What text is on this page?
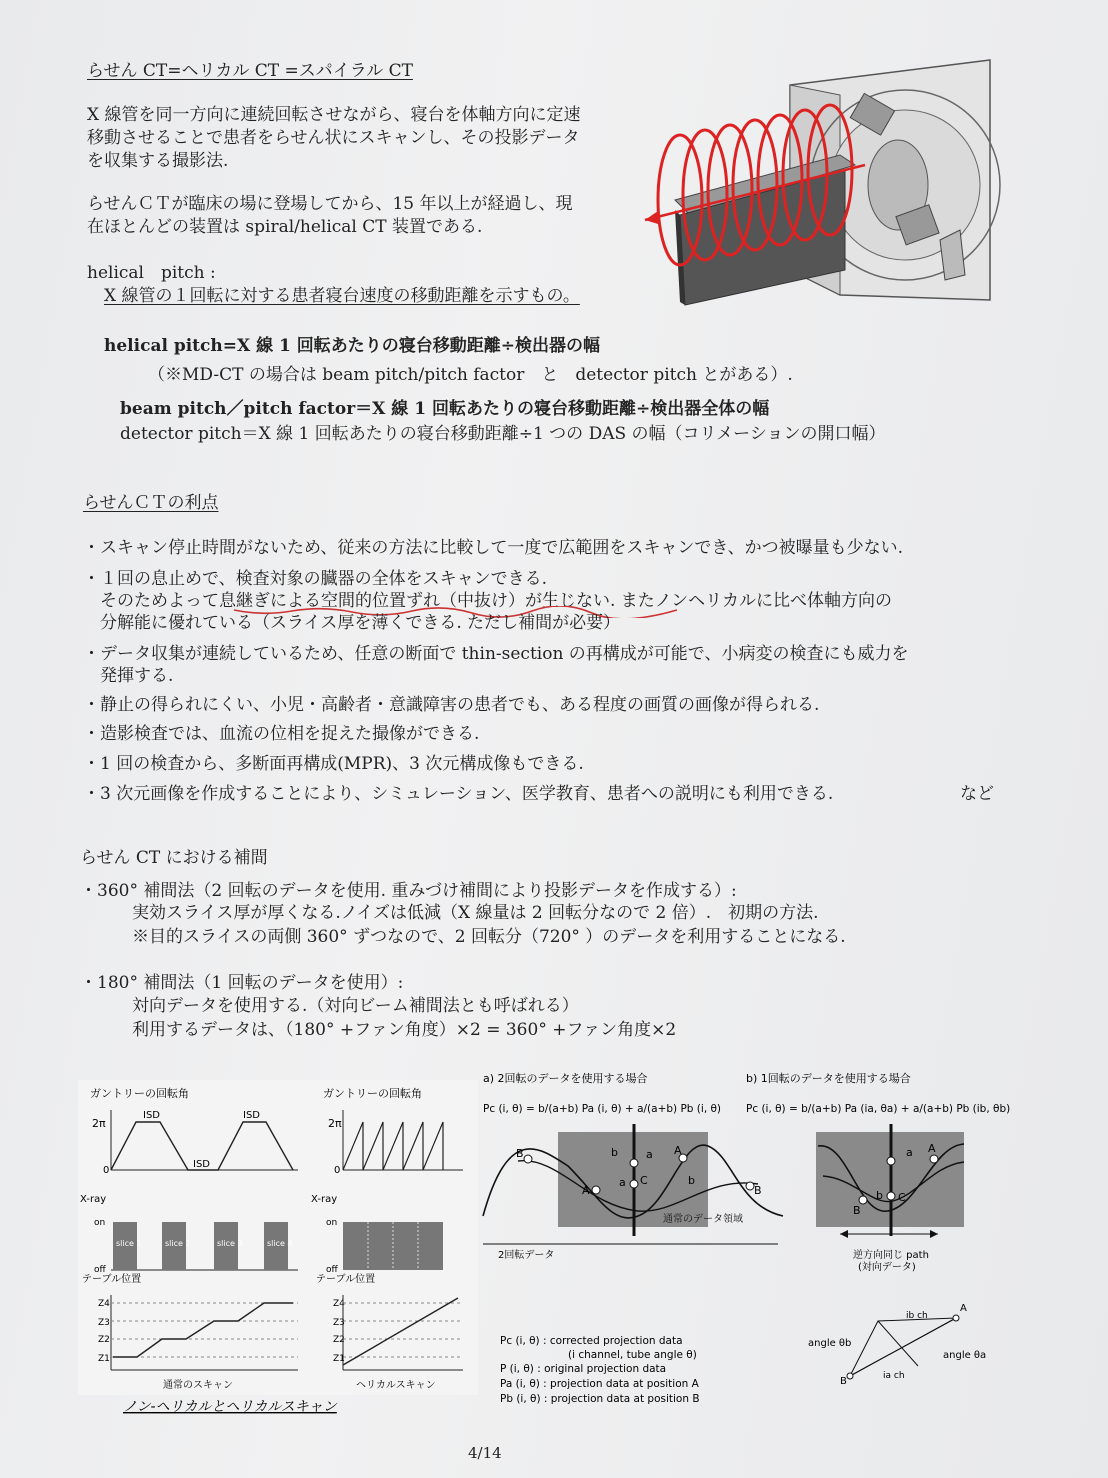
らせん CT=ヘリカル CT =スパイラル CT
X 線管を同一方向に連続回転させながら、寝台を体軸方向に定速
移動させることで患者をらせん状にスキャンし、その投影データ
を収集する撮影法.
らせんＣＴが臨床の場に登場してから、15 年以上が経過し、現
在ほとんどの装置は spiral/helical CT 装置である.
helical　pitch :
X 線管の１回転に対する患者寝台速度の移動距離を示すもの。
helical pitch=X 線 1 回転あたりの寝台移動距離÷検出器の幅
（※MD-CT の場合は beam pitch/pitch factor　と　detector pitch とがある）.
beam pitch／pitch factor＝X 線 1 回転あたりの寝台移動距離÷検出器全体の幅
detector pitch＝X 線 1 回転あたりの寝台移動距離÷1 つの DAS の幅（コリメーションの開口幅）
らせんＣＴの利点
・スキャン停止時間がないため、従来の方法に比較して一度で広範囲をスキャンでき、かつ被曝量も少ない.
・１回の息止めで、検査対象の臓器の全体をスキャンできる.
そのためよって息継ぎによる空間的位置ずれ（中抜け）が生じない. またノンヘリカルに比べ体軸方向の
分解能に優れている（スライス厚を薄くできる. ただし補間が必要）
・データ収集が連続しているため、任意の断面で thin-section の再構成が可能で、小病変の検査にも威力を
発揮する.
・静止の得られにくい、小児・高齢者・意識障害の患者でも、ある程度の画質の画像が得られる.
・造影検査では、血流の位相を捉えた撮像ができる.
・1 回の検査から、多断面再構成(MPR)、3 次元構成像もできる.
・3 次元画像を作成することにより、シミュレーション、医学教育、患者への説明にも利用できる.	など
らせん CT における補間
・360° 補間法（2 回転のデータを使用. 重みづけ補間により投影データを作成する）:
実効スライス厚が厚くなる.ノイズは低減（X 線量は 2 回転分なので 2 倍）.　初期の方法.
※目的スライスの両側 360° ずつなので、2 回転分（720° ）のデータを利用することになる.
・180° 補間法（1 回転のデータを使用）:
対向データを使用する.（対向ビーム補間法とも呼ばれる）
利用するデータは、（180° +ファン角度）×2 = 360° +ファン角度×2
ガントリーの回転角	ガントリーの回転角
2π	2π
0	0
ISD	ISD
ISD
X-ray
on
off
slice 1	slice 2	slice 3	slice 4
X-ray
on
off
テーブル位置	テーブル位置
Z4
Z3
Z2
Z1
Z4
Z3
Z2
Z1
通常のスキャン	ヘリカルスキャン
ノン-ヘリカルとヘリカルスキャン
a) 2回転のデータを使用する場合	b) 1回転のデータを使用する場合
Pc (i, θ) = b/(a+b) Pa (i, θ) + a/(a+b) Pb (i, θ) Pc (i, θ) = b/(a+b) Pa (ia, θa) + a/(a+b) Pb (ib, θb)
B
A
A
B
b
a C	b
a
通常のデータ領域
2回転データ
B
b C
a A
逆方向同じ path
(対向データ)
Pc (i, θ) : corrected projection data
(i channel, tube angle θ)
P (i, θ) : original projection data
Pa (i, θ) : projection data at position A
Pb (i, θ) : projection data at position B
B
A
angle θb
angle θa
ib ch
ia ch
4/14
